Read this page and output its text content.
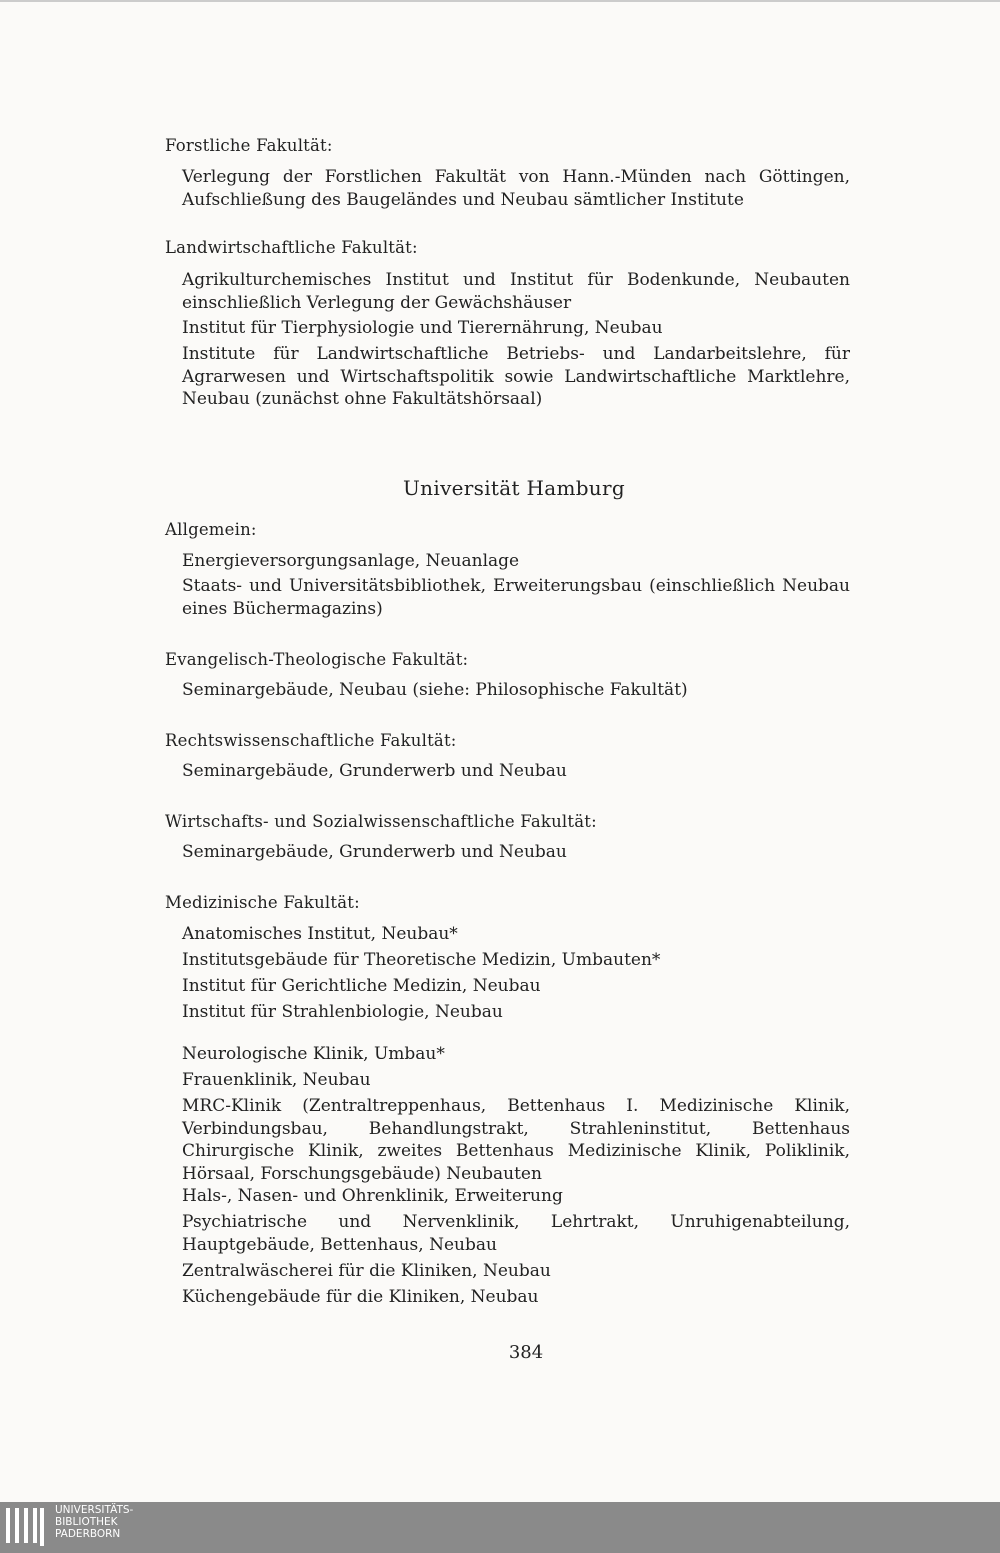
Forstliche Fakultät:
Verlegung der Forstlichen Fakultät von Hann.-Münden nach Göttingen, Aufschließung des Baugeländes und Neubau sämtlicher Institute
Landwirtschaftliche Fakultät:
Agrikulturchemisches Institut und Institut für Bodenkunde, Neubauten einschließlich Verlegung der Gewächshäuser
Institut für Tierphysiologie und Tierernährung, Neubau
Institute für Landwirtschaftliche Betriebs- und Landarbeitslehre, für Agrarwesen und Wirtschaftspolitik sowie Landwirtschaftliche Marktlehre, Neubau (zunächst ohne Fakultätshörsaal)
Universität Hamburg
Allgemein:
Energieversorgungsanlage, Neuanlage
Staats- und Universitätsbibliothek, Erweiterungsbau (einschließlich Neubau eines Büchermagazins)
Evangelisch-Theologische Fakultät:
Seminargebäude, Neubau (siehe: Philosophische Fakultät)
Rechtswissenschaftliche Fakultät:
Seminargebäude, Grunderwerb und Neubau
Wirtschafts- und Sozialwissenschaftliche Fakultät:
Seminargebäude, Grunderwerb und Neubau
Medizinische Fakultät:
Anatomisches Institut, Neubau*
Institutsgebäude für Theoretische Medizin, Umbauten*
Institut für Gerichtliche Medizin, Neubau
Institut für Strahlenbiologie, Neubau
Neurologische Klinik, Umbau*
Frauenklinik, Neubau
MRC-Klinik (Zentraltreppenhaus, Bettenhaus I. Medizinische Klinik, Verbindungsbau, Behandlungstrakt, Strahleninstitut, Bettenhaus Chirurgische Klinik, zweites Bettenhaus Medizinische Klinik, Poliklinik, Hörsaal, Forschungsgebäude) Neubauten
Hals-, Nasen- und Ohrenklinik, Erweiterung
Psychiatrische und Nervenklinik, Lehrtrakt, Unruhigenabteilung, Hauptgebäude, Bettenhaus, Neubau
Zentralwäscherei für die Kliniken, Neubau
Küchengebäude für die Kliniken, Neubau
384
UNIVERSITÄTS-
BIBLIOTHEK
PADERBORN
